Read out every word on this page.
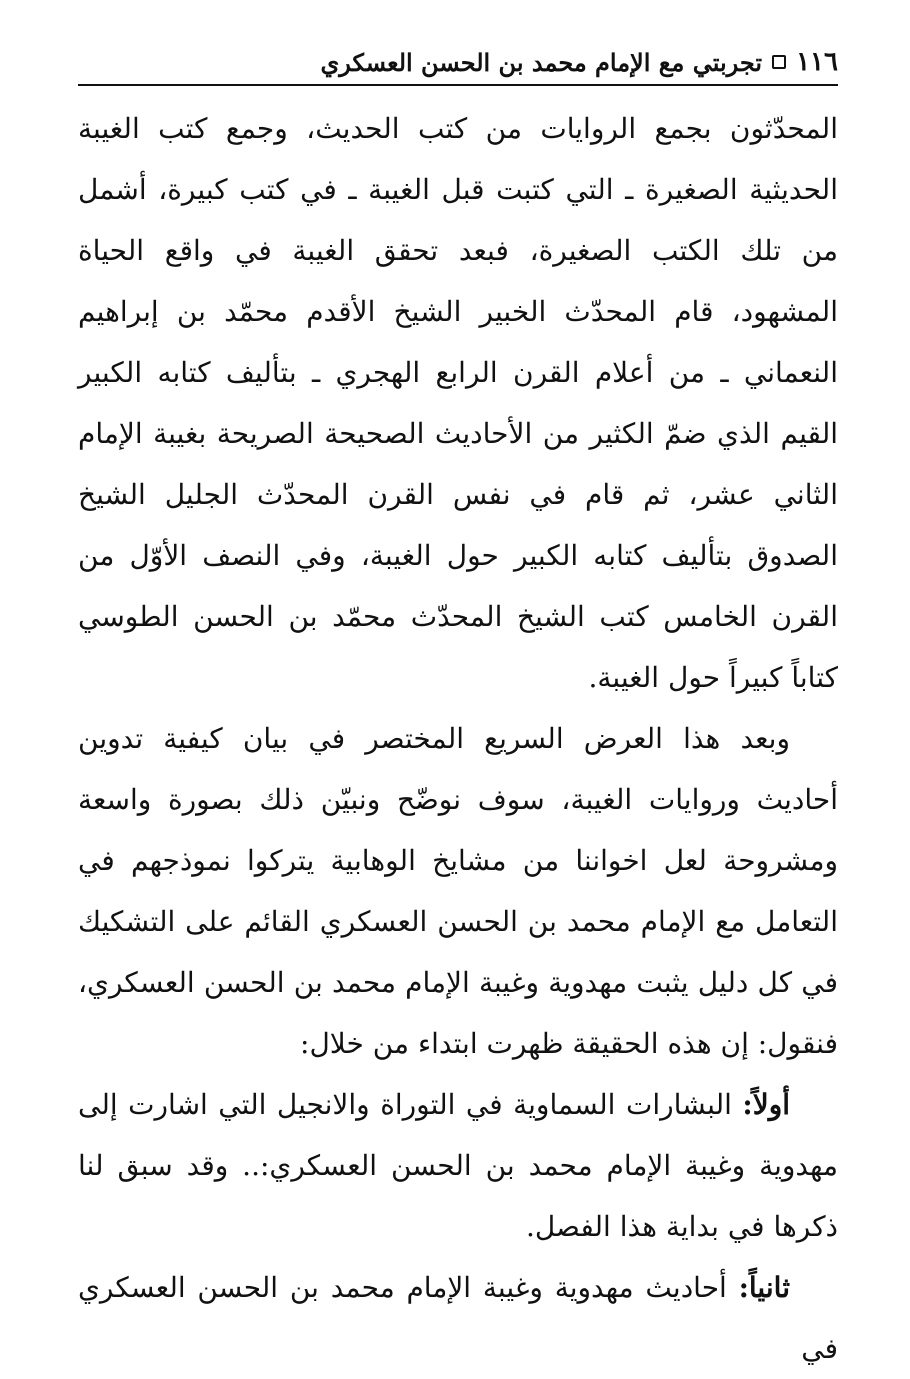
١١٦
تجربتي مع الإمام محمد بن الحسن العسكري

المحدّثون بجمع الروايات من كتب الحديث، وجمع كتب الغيبة الحديثية الصغيرة ـ التي كتبت قبل الغيبة ـ في كتب كبيرة، أشمل من تلك الكتب الصغيرة، فبعد تحقق الغيبة في واقع الحياة المشهود، قام المحدّث الخبير الشيخ الأقدم محمّد بن إبراهيم النعماني ـ من أعلام القرن الرابع الهجري ـ بتأليف كتابه الكبير القيم الذي ضمّ الكثير من الأحاديث الصحيحة الصريحة بغيبة الإمام الثاني عشر، ثم قام في نفس القرن المحدّث الجليل الشيخ الصدوق بتأليف كتابه الكبير حول الغيبة، وفي النصف الأوّل من القرن الخامس كتب الشيخ المحدّث محمّد بن الحسن الطوسي كتاباً كبيراً حول الغيبة.

وبعد هذا العرض السريع المختصر في بيان كيفية تدوين أحاديث وروايات الغيبة، سوف نوضّح ونبيّن ذلك بصورة واسعة ومشروحة لعل اخواننا من مشايخ الوهابية يتركوا نموذجهم في التعامل مع الإمام محمد بن الحسن العسكري القائم على التشكيك في كل دليل يثبت مهدوية وغيبة الإمام محمد بن الحسن العسكري، فنقول: إن هذه الحقيقة ظهرت ابتداء من خلال:

أولاً: البشارات السماوية في التوراة والانجيل التي اشارت إلى مهدوية وغيبة الإمام محمد بن الحسن العسكري:.. وقد سبق لنا ذكرها في بداية هذا الفصل.

ثانياً: أحاديث مهدوية وغيبة الإمام محمد بن الحسن العسكري في
